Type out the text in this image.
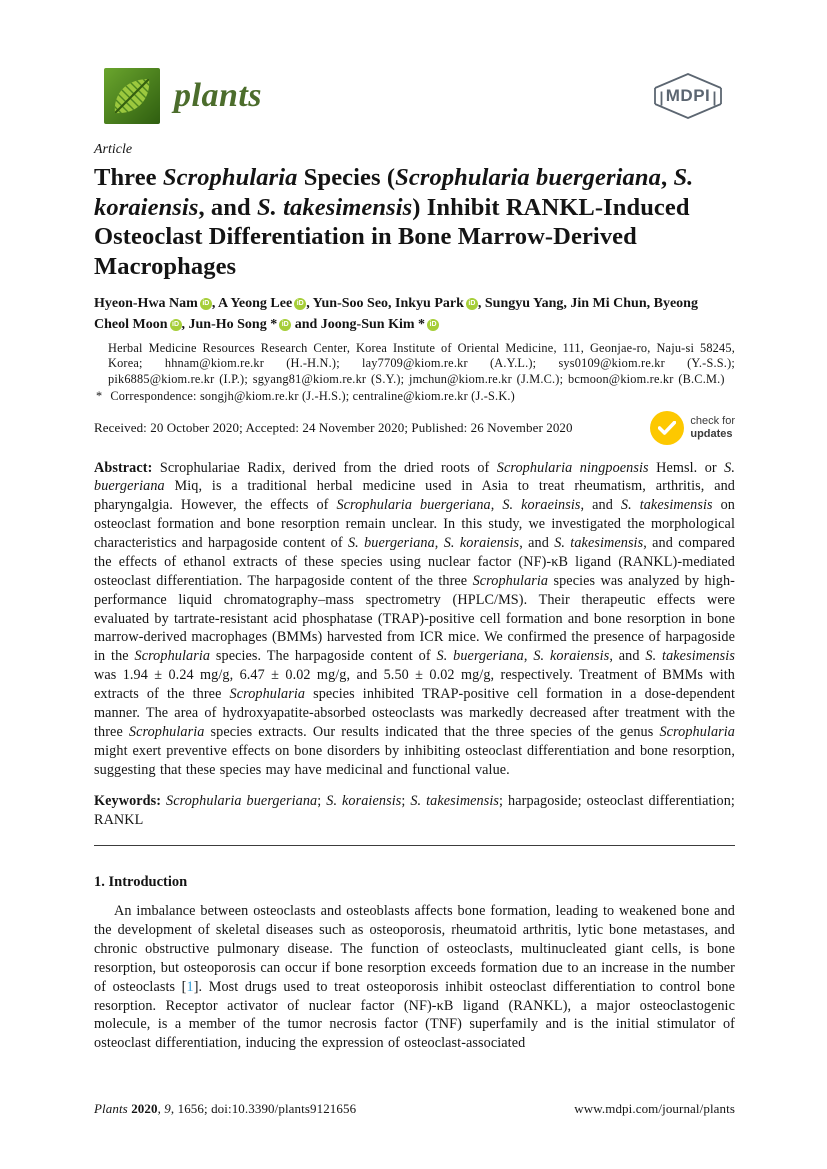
plants	MDPI
Article
Three Scrophularia Species (Scrophularia buergeriana, S. koraiensis, and S. takesimensis) Inhibit RANKL-Induced Osteoclast Differentiation in Bone Marrow-Derived Macrophages
Hyeon-Hwa Nam iD , A Yeong Lee iD , Yun-Soo Seo, Inkyu Park iD , Sungyu Yang, Jin Mi Chun, Byeong Cheol Moon iD , Jun-Ho Song * iD and Joong-Sun Kim * iD
Herbal Medicine Resources Research Center, Korea Institute of Oriental Medicine, 111, Geonjae-ro, Naju-si 58245, Korea; hhnam@kiom.re.kr (H.-H.N.); lay7709@kiom.re.kr (A.Y.L.); sys0109@kiom.re.kr (Y.-S.S.); pik6885@kiom.re.kr (I.P.); sgyang81@kiom.re.kr (S.Y.); jmchun@kiom.re.kr (J.M.C.); bcmoon@kiom.re.kr (B.C.M.)
* Correspondence: songjh@kiom.re.kr (J.-H.S.); centraline@kiom.re.kr (J.-S.K.)
Received: 20 October 2020; Accepted: 24 November 2020; Published: 26 November 2020	check for
updates

Abstract: Scrophulariae Radix, derived from the dried roots of Scrophularia ningpoensis Hemsl. or S. buergeriana Miq, is a traditional herbal medicine used in Asia to treat rheumatism, arthritis, and pharyngalgia. However, the effects of Scrophularia buergeriana, S. koraeinsis, and S. takesimensis on osteoclast formation and bone resorption remain unclear. In this study, we investigated the morphological characteristics and harpagoside content of S. buergeriana, S. koraiensis, and S. takesimensis, and compared the effects of ethanol extracts of these species using nuclear factor (NF)-κB ligand (RANKL)-mediated osteoclast differentiation. The harpagoside content of the three Scrophularia species was analyzed by high-performance liquid chromatography–mass spectrometry (HPLC/MS). Their therapeutic effects were evaluated by tartrate-resistant acid phosphatase (TRAP)-positive cell formation and bone resorption in bone marrow-derived macrophages (BMMs) harvested from ICR mice. We confirmed the presence of harpagoside in the Scrophularia species. The harpagoside content of S. buergeriana, S. koraiensis, and S. takesimensis was 1.94 ± 0.24 mg/g, 6.47 ± 0.02 mg/g, and 5.50 ± 0.02 mg/g, respectively. Treatment of BMMs with extracts of the three Scrophularia species inhibited TRAP-positive cell formation in a dose-dependent manner. The area of hydroxyapatite-absorbed osteoclasts was markedly decreased after treatment with the three Scrophularia species extracts. Our results indicated that the three species of the genus Scrophularia might exert preventive effects on bone disorders by inhibiting osteoclast differentiation and bone resorption, suggesting that these species may have medicinal and functional value.

Keywords: Scrophularia buergeriana; S. koraiensis; S. takesimensis; harpagoside; osteoclast differentiation; RANKL

1. Introduction

An imbalance between osteoclasts and osteoblasts affects bone formation, leading to weakened bone and the development of skeletal diseases such as osteoporosis, rheumatoid arthritis, lytic bone metastases, and chronic obstructive pulmonary disease. The function of osteoclasts, multinucleated giant cells, is bone resorption, but osteoporosis can occur if bone resorption exceeds formation due to an increase in the number of osteoclasts [1]. Most drugs used to treat osteoporosis inhibit osteoclast differentiation to control bone resorption. Receptor activator of nuclear factor (NF)-κB ligand (RANKL), a major osteoclastogenic molecule, is a member of the tumor necrosis factor (TNF) superfamily and is the initial stimulator of osteoclast differentiation, inducing the expression of osteoclast-associated

Plants 2020, 9, 1656; doi:10.3390/plants9121656	www.mdpi.com/journal/plants
